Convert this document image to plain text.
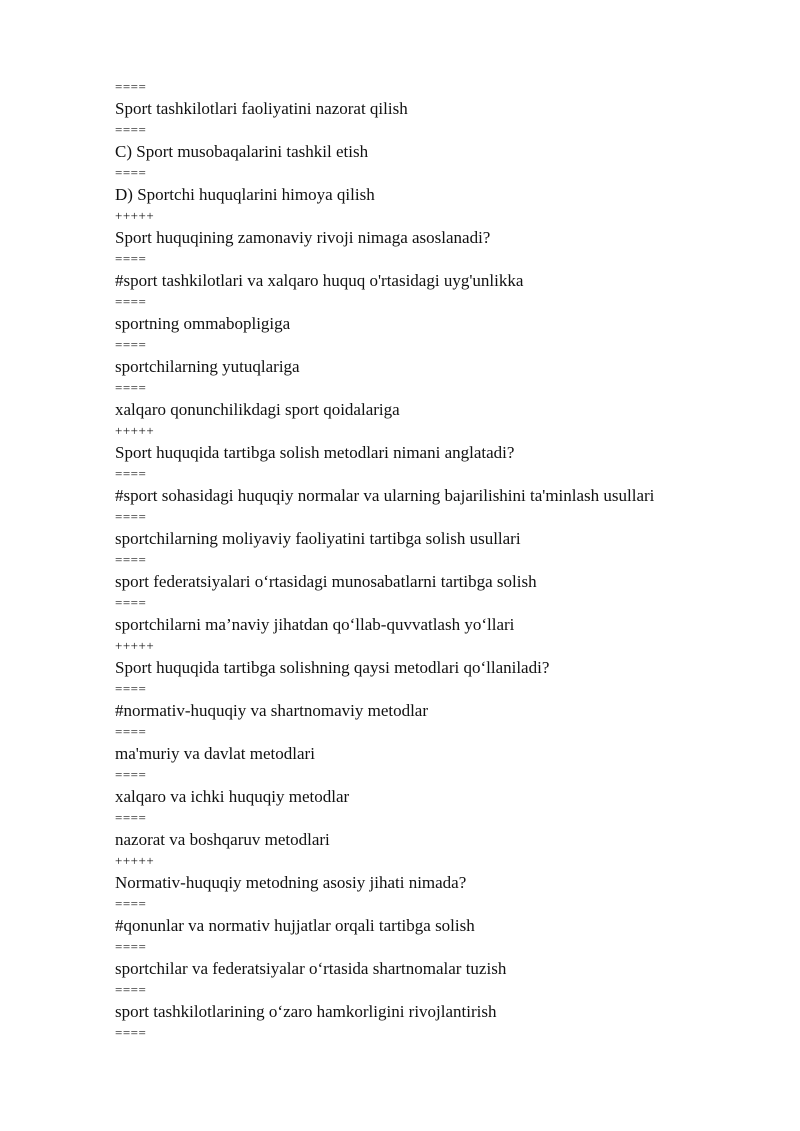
====
Sport tashkilotlari faoliyatini nazorat qilish
====
C) Sport musobaqalarini tashkil etish
====
D) Sportchi huquqlarini himoya qilish
+++++
Sport huquqining zamonaviy rivoji nimaga asoslanadi?
====
#sport tashkilotlari va xalqaro huquq o'rtasidagi uyg'unlikka
====
sportning ommabopligiga
====
sportchilarning yutuqlariga
====
xalqaro qonunchilikdagi sport qoidalariga
+++++
Sport huquqida tartibga solish metodlari nimani anglatadi?
====
#sport sohasidagi huquqiy normalar va ularning bajarilishini ta'minlash usullari
====
sportchilarning moliyaviy faoliyatini tartibga solish usullari
====
sport federatsiyalari o‘rtasidagi munosabatlarni tartibga solish
====
sportchilarni ma’naviy jihatdan qo‘llab-quvvatlash yo‘llari
+++++
Sport huquqida tartibga solishning qaysi metodlari qo‘llaniladi?
====
#normativ-huquqiy va shartnomaviy metodlar
====
ma'muriy va davlat metodlari
====
xalqaro va ichki huquqiy metodlar
====
nazorat va boshqaruv metodlari
+++++
Normativ-huquqiy metodning asosiy jihati nimada?
====
#qonunlar va normativ hujjatlar orqali tartibga solish
====
sportchilar va federatsiyalar o‘rtasida shartnomalar tuzish
====
sport tashkilotlarining o‘zaro hamkorligini rivojlantirish
====
